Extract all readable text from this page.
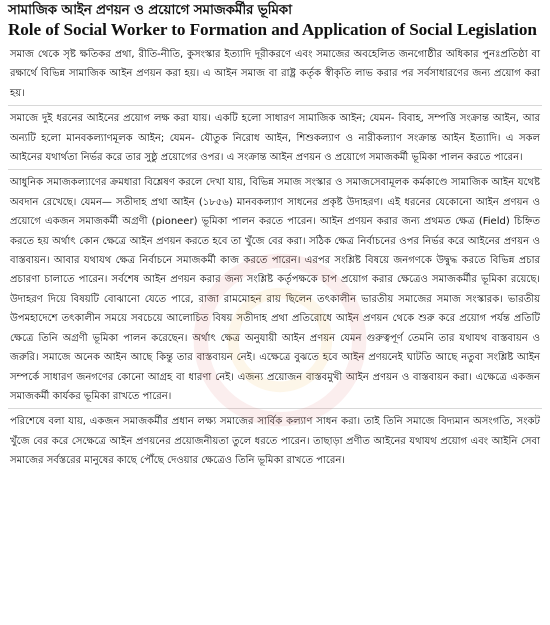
সামাজিক আইন প্রণয়ন ও প্রয়োগে সমাজকর্মীর ভূমিকা
Role of Social Worker to Formation and Application of Social Legislation

সমাজ থেকে সৃষ্ট ক্ষতিকর প্রথা, রীতি-নীতি, কুসংস্কার ইত্যাদি দূরীকরণে এবং সমাজের অবহেলিত জনগোষ্ঠীর অধিকার পুনঃপ্রতিষ্ঠা বা রক্ষার্থে বিভিন্ন সামাজিক আইন প্রণয়ন করা হয়। এ আইন সমাজ বা রাষ্ট্র কর্তৃক স্বীকৃতি লাভ করার পর সর্বসাধারণের জন্য প্রয়োগ করা হয়।

সমাজে দুই ধরনের আইনের প্রয়োগ লক্ষ করা যায়। একটি হলো সাধারণ সামাজিক আইন; যেমন- বিবাহ, সম্পত্তি সংক্রান্ত আইন, আর অন্যটি হলো মানবকল্যাণমূলক আইন; যেমন- যৌতুক নিরোধ আইন, শিশুকল্যাণ ও নারীকল্যাণ সংক্রান্ত আইন ইত্যাদি। এ সকল আইনের যথার্থতা নির্ভর করে তার সুষ্ঠু প্রয়োগের ওপর। এ সংক্রান্ত আইন প্রণয়ন ও প্রয়োগে সমাজকর্মী ভূমিকা পালন করতে পারেন।

আধুনিক সমাজকল্যাণের ক্রমধারা বিশ্লেষণ করলে দেখা যায়, বিভিন্ন সমাজ সংস্কার ও সমাজসেবামূলক কর্মকাণ্ডে সামাজিক আইন যথেষ্ট অবদান রেখেছে। যেমন— সতীদাহ প্রথা আইন (১৮৫৬) মানবকল্যাণ সাধনের প্রকৃষ্ট উদাহরণ। এই ধরনের যেকোনো আইন প্রণয়ন ও প্রয়োগে একজন সমাজকর্মী অগ্রণী (pioneer) ভূমিকা পালন করতে পারেন। আইন প্রণয়ন করার জন্য প্রথমত ক্ষেত্র (Field) চিহ্নিত করতে হয় অর্থাৎ কোন ক্ষেত্রে আইন প্রণয়ন করতে হবে তা খুঁজে বের করা। সঠিক ক্ষেত্র নির্বাচনের ওপর নির্ভর করে আইনের প্রণয়ন ও বাস্তবায়ন। আবার যথাযথ ক্ষেত্র নির্বাচনে সমাজকর্মী কাজ করতে পারেন। এরপর সংশ্লিষ্ট বিষয়ে জনগণকে উদ্বুদ্ধ করতে বিভিন্ন প্রচার প্রচারণা চালাতে পারেন। সর্বশেষ আইন প্রণয়ন করার জন্য সংশ্লিষ্ট কর্তৃপক্ষকে চাপ প্রয়োগ করার ক্ষেত্রেও সমাজকর্মীর ভূমিকা রয়েছে। উদাহরণ দিয়ে বিষয়টি বোঝানো যেতে পারে, রাজা রামমোহন রায় ছিলেন তৎকালীন ভারতীয় সমাজের সমাজ সংস্কারক। ভারতীয় উপমহাদেশে তৎকালীন সময়ে সবচেয়ে আলোচিত বিষয় সতীদাহ প্রথা প্রতিরোধে আইন প্রণয়ন থেকে শুরু করে প্রয়োগ পর্যন্ত প্রতিটি ক্ষেত্রে তিনি অগ্রণী ভূমিকা পালন করেছেন। অর্থাৎ ক্ষেত্র অনুযায়ী আইন প্রণয়ন যেমন গুরুত্বপূর্ণ তেমনি তার যথাযথ বাস্তবায়ন ও জরুরি। সমাজে অনেক আইন আছে কিন্তু তার বাস্তবায়ন নেই। এক্ষেত্রে বুঝতে হবে আইন প্রণয়নেই ঘাটতি আছে নতুবা সংশ্লিষ্ট আইন সম্পর্কে সাধারণ জনগণের কোনো আগ্রহ বা ধারণা নেই। এজন্য প্রয়োজন বাস্তবমুখী আইন প্রণয়ন ও বাস্তবায়ন করা। এক্ষেত্রে একজন সমাজকর্মী কার্যকর ভূমিকা রাখতে পারেন।

পরিশেষে বলা যায়, একজন সমাজকর্মীর প্রধান লক্ষ্য সমাজের সার্বিক কল্যাণ সাধন করা। তাই তিনি সমাজে বিদ্যমান অসংগতি, সংকট খুঁজে বের করে সেক্ষেত্রে আইন প্রণয়নের প্রয়োজনীয়তা তুলে ধরতে পারেন। তাছাড়া প্রণীত আইনের যথাযথ প্রয়োগ এবং আইনি সেবা সমাজের সর্বস্তরের মানুষের কাছে পৌঁছে দেওয়ার ক্ষেত্রেও তিনি ভূমিকা রাখতে পারেন।
